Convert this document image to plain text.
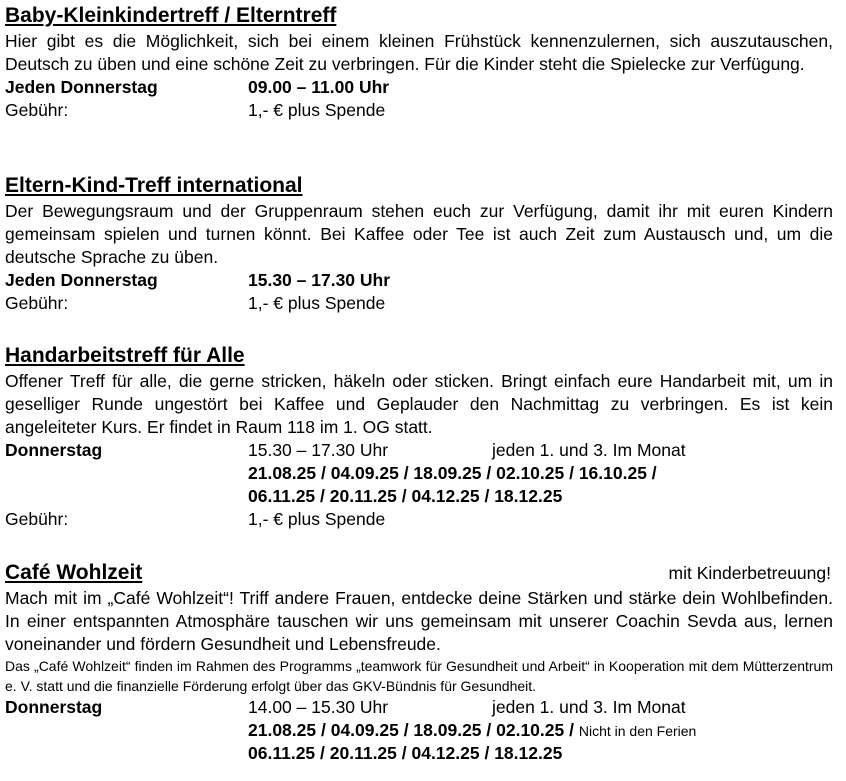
Baby-Kleinkindertreff / Elterntreff
Hier gibt es die Möglichkeit, sich bei einem kleinen Frühstück kennenzulernen, sich auszutauschen, Deutsch zu üben und eine schöne Zeit zu verbringen. Für die Kinder steht die Spielecke zur Verfügung.
Jeden Donnerstag	09.00 – 11.00 Uhr
Gebühr:	1,- € plus Spende
Eltern-Kind-Treff international
Der Bewegungsraum und der Gruppenraum stehen euch zur Verfügung, damit ihr mit euren Kindern gemeinsam spielen und turnen könnt. Bei Kaffee oder Tee ist auch Zeit zum Austausch und, um die deutsche Sprache zu üben.
Jeden Donnerstag	15.30 – 17.30 Uhr
Gebühr:	1,- € plus Spende
Handarbeitstreff für Alle
Offener Treff für alle, die gerne stricken, häkeln oder sticken. Bringt einfach eure Handarbeit mit, um in geselliger Runde ungestört bei Kaffee und Geplauder den Nachmittag zu verbringen. Es ist kein angeleiteter Kurs. Er findet in Raum 118 im 1. OG statt.
Donnerstag	15.30 – 17.30 Uhr	jeden 1. und 3. Im Monat
21.08.25 / 04.09.25 / 18.09.25 / 02.10.25 / 16.10.25 /
06.11.25 / 20.11.25 / 04.12.25 / 18.12.25
Gebühr:	1,- € plus Spende
Café Wohlzeit	mit Kinderbetreuung!
Mach mit im „Café Wohlzeit“! Triff andere Frauen, entdecke deine Stärken und stärke dein Wohlbefinden. In einer entspannten Atmosphäre tauschen wir uns gemeinsam mit unserer Coachin Sevda aus, lernen voneinander und fördern Gesundheit und Lebensfreude.
Das „Café Wohlzeit“ finden im Rahmen des Programms „teamwork für Gesundheit und Arbeit“ in Kooperation mit dem Mütterzentrum e. V. statt und die finanzielle Förderung erfolgt über das GKV-Bündnis für Gesundheit.
Donnerstag	14.00 – 15.30 Uhr	jeden 1. und 3. Im Monat
21.08.25 / 04.09.25 / 18.09.25 / 02.10.25 / Nicht in den Ferien
06.11.25 / 20.11.25 / 04.12.25 / 18.12.25
